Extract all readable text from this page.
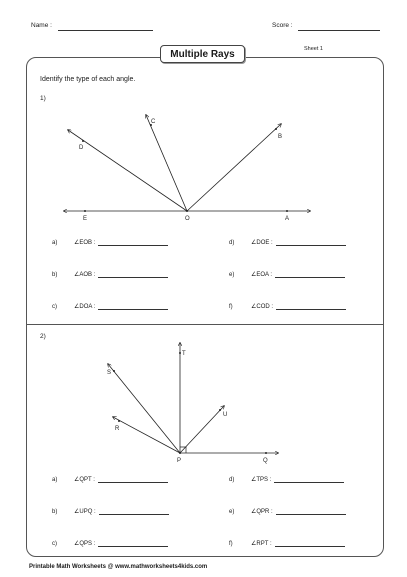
Name :	Score :
Multiple Rays	Sheet 1
Identify the type of each angle.
1)
D
C
B
E	O	A
T
S
U
R
P	Q
a)	∠EOB :	d)	∠DOE :
b)	∠AOB :	e)	∠EOA :
c)	∠DOA :	f)	∠COD :
2)
a)	∠QPT :	d)	∠TPS :
b)	∠UPQ :	e)	∠QPR :
c)	∠QPS :	f)	∠RPT :
Printable Math Worksheets @ www.mathworksheets4kids.com
